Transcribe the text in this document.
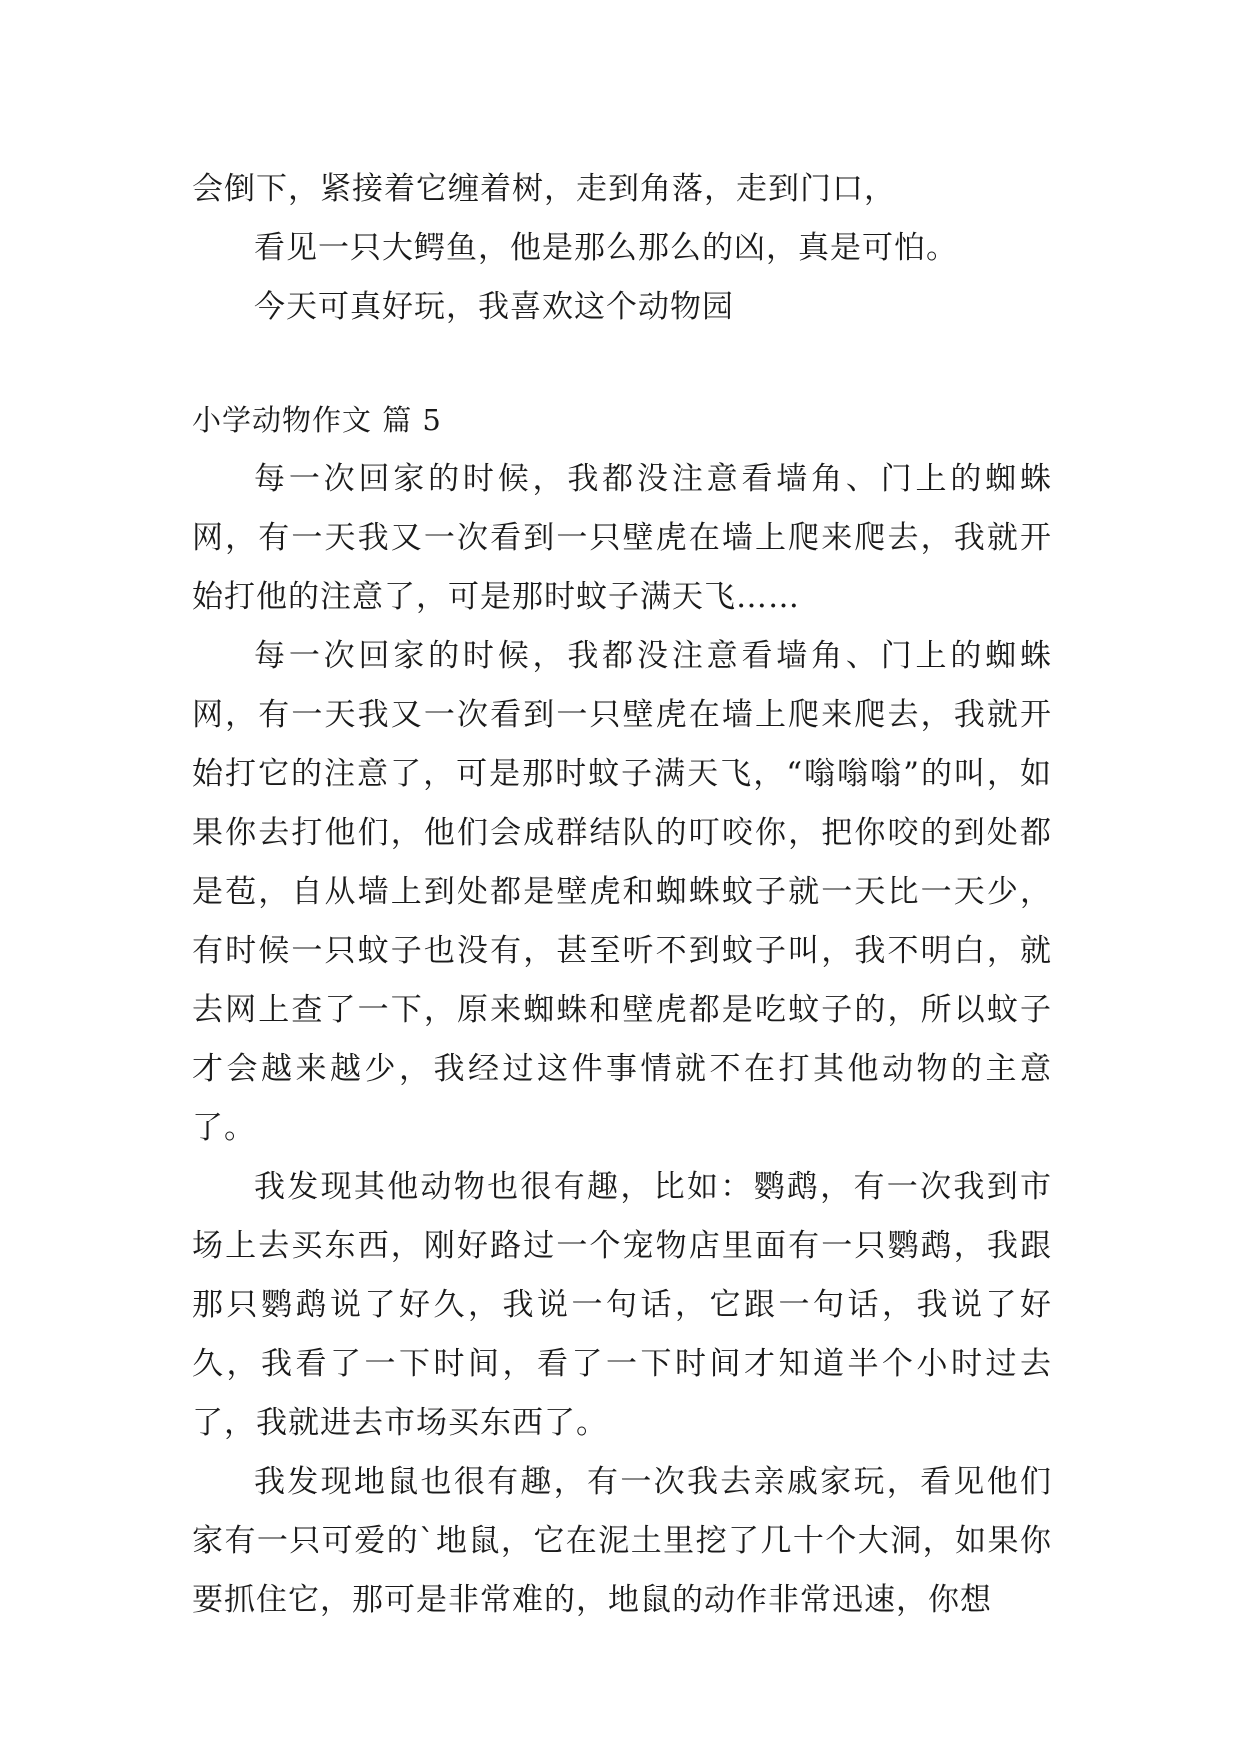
会倒下，紧接着它缠着树，走到角落，走到门口，

看见一只大鳄鱼，他是那么那么的凶，真是可怕。

今天可真好玩，我喜欢这个动物园

小学动物作文 篇 5

每一次回家的时候，我都没注意看墙角、门上的蜘蛛网，有一天我又一次看到一只壁虎在墙上爬来爬去，我就开始打他的注意了，可是那时蚊子满天飞……

每一次回家的时候，我都没注意看墙角、门上的蜘蛛网，有一天我又一次看到一只壁虎在墙上爬来爬去，我就开始打它的注意了，可是那时蚊子满天飞，“嗡嗡嗡”的叫，如果你去打他们，他们会成群结队的叮咬你，把你咬的到处都是苞，自从墙上到处都是壁虎和蜘蛛蚊子就一天比一天少，有时候一只蚊子也没有，甚至听不到蚊子叫，我不明白，就去网上查了一下，原来蜘蛛和壁虎都是吃蚊子的，所以蚊子才会越来越少，我经过这件事情就不在打其他动物的主意了。

我发现其他动物也很有趣，比如：鹦鹉，有一次我到市场上去买东西，刚好路过一个宠物店里面有一只鹦鹉，我跟那只鹦鹉说了好久，我说一句话，它跟一句话，我说了好久，我看了一下时间，看了一下时间才知道半个小时过去了，我就进去市场买东西了。

我发现地鼠也很有趣，有一次我去亲戚家玩，看见他们家有一只可爱的`地鼠，它在泥土里挖了几十个大洞，如果你要抓住它，那可是非常难的，地鼠的动作非常迅速，你想
